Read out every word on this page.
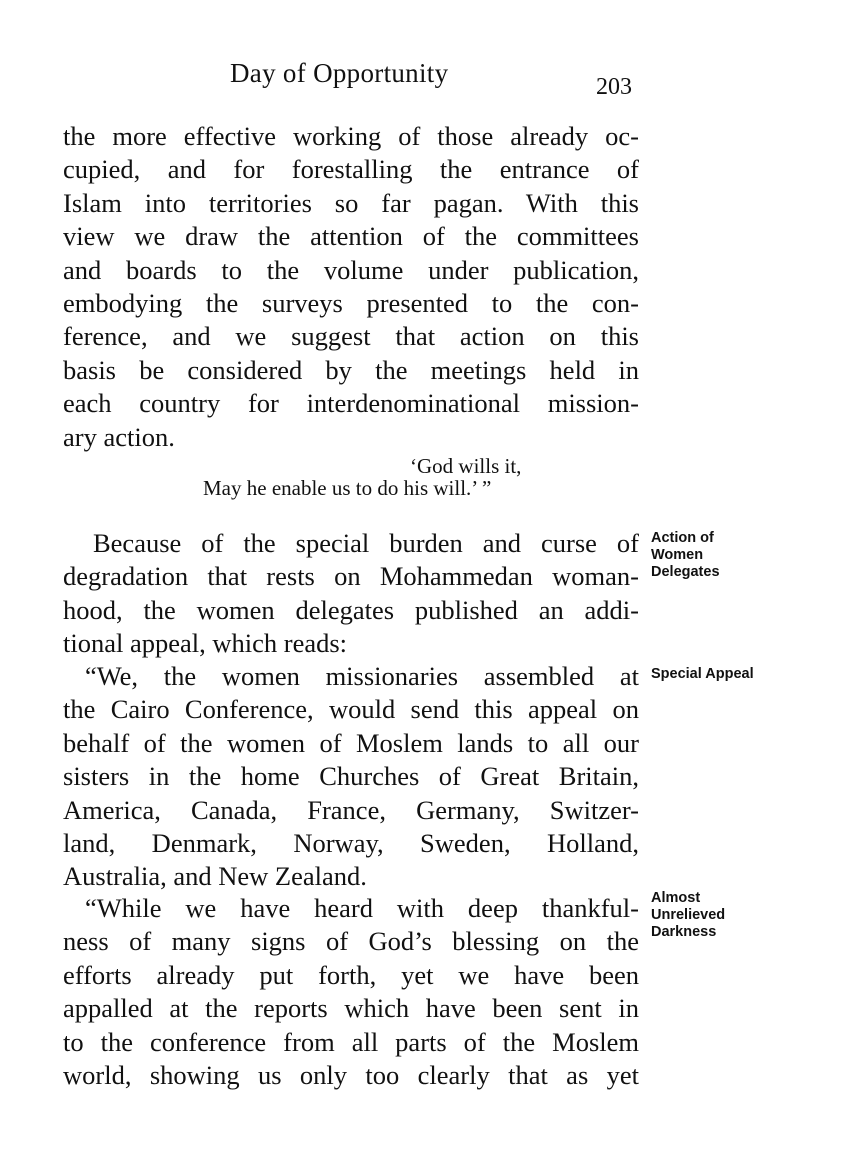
Day of Opportunity	203
the more effective working of those already oc-
cupied, and for forestalling the entrance of
Islam into territories so far pagan. With this
view we draw the attention of the committees
and boards to the volume under publication,
embodying the surveys presented to the con-
ference, and we suggest that action on this
basis be considered by the meetings held in
each country for interdenominational mission-
ary action.
‘God wills it,
May he enable us to do his will.’ ”
Because of the special burden and curse of
degradation that rests on Mohammedan woman-
hood, the women delegates published an addi-
tional appeal, which reads:
“We, the women missionaries assembled at
the Cairo Conference, would send this appeal on
behalf of the women of Moslem lands to all our
sisters in the home Churches of Great Britain,
America, Canada, France, Germany, Switzer-
land, Denmark, Norway, Sweden, Holland,
Australia, and New Zealand.
“While we have heard with deep thankful-
ness of many signs of God’s blessing on the
efforts already put forth, yet we have been
appalled at the reports which have been sent in
to the conference from all parts of the Moslem
world, showing us only too clearly that as yet
Action of
Women
Delegates
Special Appeal
Almost
Unrelieved
Darkness
